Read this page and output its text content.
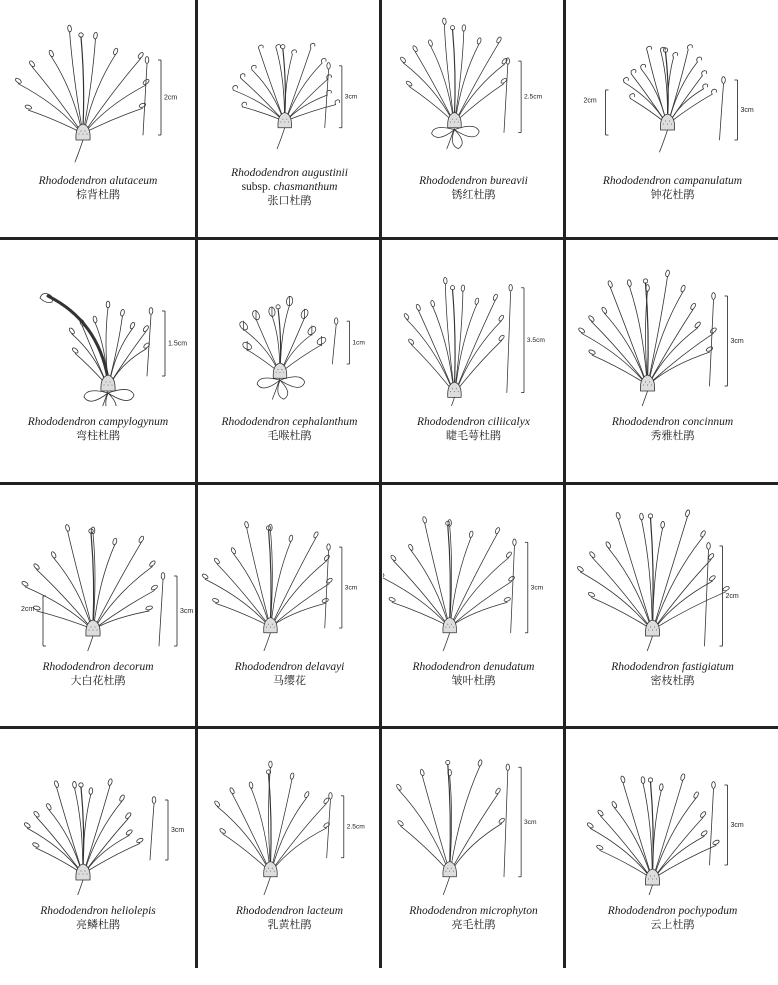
2cm
Rhododendron alutaceum
棕背杜鹃
3cm
Rhododendron augustinii
subsp. chasmanthum
张口杜鹃
2.5cm
Rhododendron bureavii
锈红杜鹃
3cm
2cm
Rhododendron campanulatum
钟花杜鹃
1.5cm
Rhododendron campylogynum
弯柱杜鹃
1cm
Rhododendron cephalanthum
毛喉杜鹃
3.5cm
Rhododendron ciliicalyx
睫毛萼杜鹃
3cm
Rhododendron concinnum
秀雅杜鹃
3cm
2cm
Rhododendron decorum
大白花杜鹃
3cm
Rhododendron delavayi
马缨花
3cm
Rhododendron denudatum
皱叶杜鹃
2cm
Rhododendron fastigiatum
密枝杜鹃
3cm
Rhododendron heliolepis
亮鳞杜鹃
2.5cm
Rhododendron lacteum
乳黄杜鹃
3cm
Rhododendron microphyton
亮毛杜鹃
3cm
Rhododendron pochypodum
云上杜鹃
